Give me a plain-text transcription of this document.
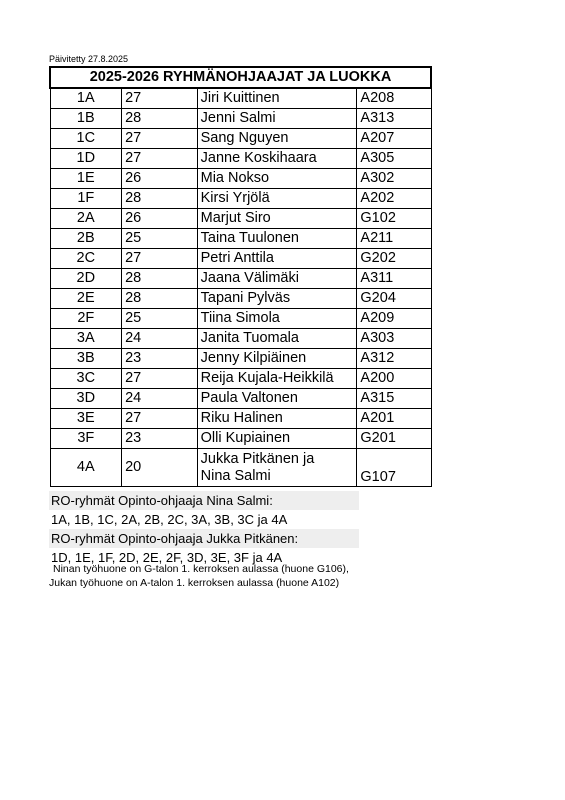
Päivitetty 27.8.2025
2025-2026 RYHMÄNOHJAAJAT JA LUOKKA			
1A	27	Jiri Kuittinen	A208
1B	28	Jenni Salmi	A313
1C	27	Sang Nguyen	A207
1D	27	Janne Koskihaara	A305
1E	26	Mia Nokso	A302
1F	28	Kirsi Yrjölä	A202
2A	26	Marjut Siro	G102
2B	25	Taina Tuulonen	A211
2C	27	Petri Anttila	G202
2D	28	Jaana Välimäki	A311
2E	28	Tapani Pylväs	G204
2F	25	Tiina Simola	A209
3A	24	Janita Tuomala	A303
3B	23	Jenny Kilpiäinen	A312
3C	27	Reija Kujala-Heikkilä	A200
3D	24	Paula Valtonen	A315
3E	27	Riku Halinen	A201
3F	23	Olli Kupiainen	G201
4A	20	Jukka Pitkänen ja
Nina Salmi	G107
RO-ryhmät Opinto-ohjaaja Nina Salmi:
1A, 1B, 1C, 2A, 2B, 2C, 3A, 3B, 3C ja 4A
RO-ryhmät Opinto-ohjaaja Jukka Pitkänen:
1D, 1E, 1F, 2D, 2E, 2F, 3D, 3E, 3F ja 4A
Ninan työhuone on G-talon 1. kerroksen aulassa (huone G106),
Jukan työhuone on A-talon 1. kerroksen aulassa (huone A102)
